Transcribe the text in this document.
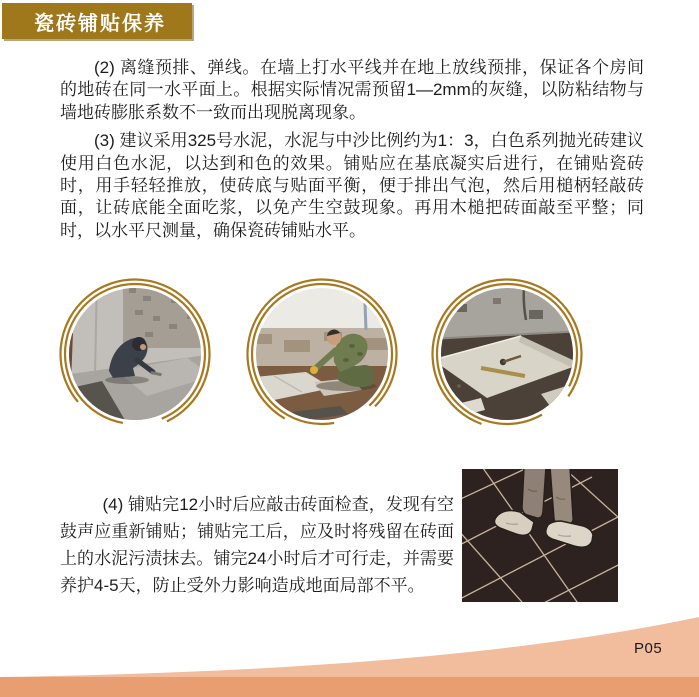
瓷砖铺贴保养

(2) 离缝预排、弹线。在墙上打水平线并在地上放线预排，保证各个房间的地砖在同一水平面上。根据实际情况需预留1—2mm的灰缝，以防粘结物与墙地砖膨胀系数不一致而出现脱离现象。

(3) 建议采用325号水泥，水泥与中沙比例约为1：3，白色系列抛光砖建议使用白色水泥，以达到和色的效果。铺贴应在基底凝实后进行，在铺贴瓷砖时，用手轻轻推放，使砖底与贴面平衡，便于排出气泡，然后用槌柄轻敲砖面，让砖底能全面吃浆，以免产生空鼓现象。再用木槌把砖面敲至平整；同时，以水平尺测量，确保瓷砖铺贴水平。

(4) 铺贴完12小时后应敲击砖面检查，发现有空鼓声应重新铺贴；铺贴完工后，应及时将残留在砖面上的水泥污渍抹去。铺完24小时后才可行走，并需要养护4-5天，防止受外力影响造成地面局部不平。

P05
